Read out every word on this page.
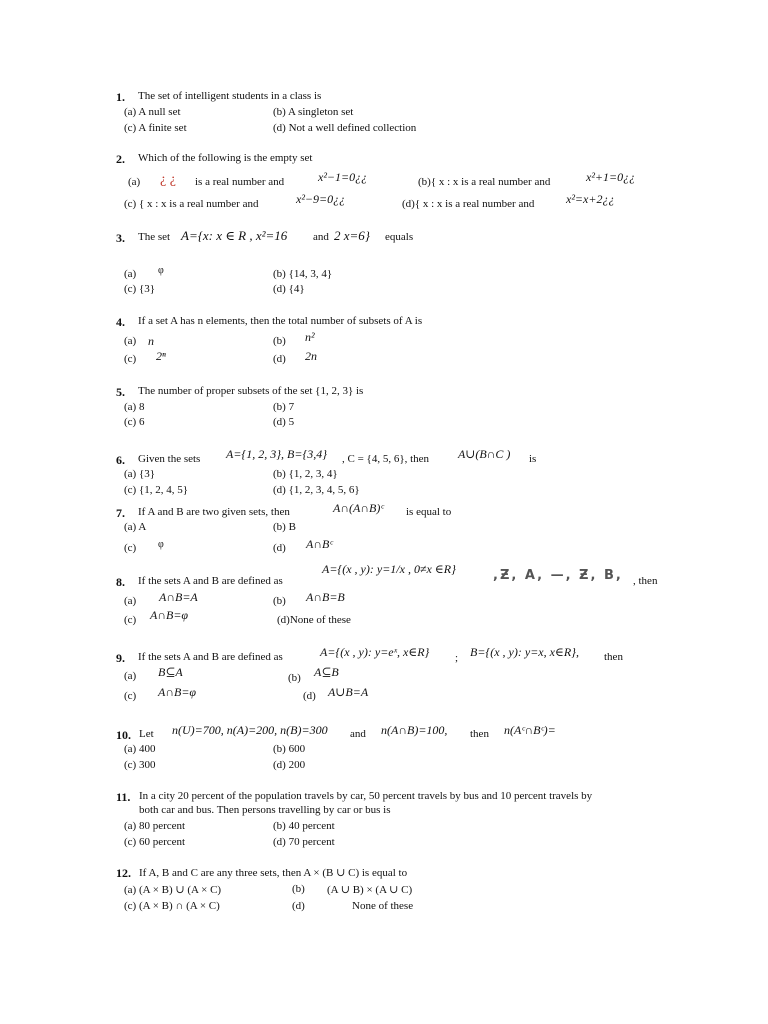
1. The set of intelligent students in a class is
(a) A null set	(b) A singleton set
(c) A finite set	(d) Not a well defined collection
2. Which of the following is the empty set
(a) ¿ ¿ is a real number and	x²−1=0¿¿	(b){ x : x is a real number and	x²+1=0¿¿
(c) { x : x is a real number and	x²−9=0¿¿	(d){ x : x is a real number and	x²=x+2¿¿
3. The set A={x: x ∈ R , x²=16 and 2 x=6} equals
(a) φ	(b) {14, 3, 4}
(c) {3}	(d) {4}
4. If a set A has n elements, then the total number of subsets of A is
(a) n	(b) n²
(c) 2ⁿ	(d) 2n
5. The number of proper subsets of the set {1, 2, 3} is
(a) 8	(b) 7
(c) 6	(d) 5
6. Given the sets A={1, 2, 3}, B={3,4} , C = {4, 5, 6}, then A∪(B∩C ) is
(a) {3}	(b) {1, 2, 3, 4}
(c) {1, 2, 4, 5}	(d) {1, 2, 3, 4, 5, 6}
7. If A and B are two given sets, then	A∩(A∩B)ᶜ is equal to
(a) A	(b) B
(c) φ	(d) A∩Bᶜ
8. If the sets A and B are defined as
A={(x , y): y=1/x , 0≠x ∈R}	,Ƶ, A, —, Ƶ, B, , then
(a) A∩B=A	(b) A∩B=B
(c) A∩B=φ	(d)None of these
9. If the sets A and B are defined as	A={(x , y): y=eˣ, x∈R} ; B={(x , y): y=x, x∈R}, then
(a) B⊆A	(b) A⊆B
(c) A∩B=φ	(d) A∪B=A
10. Let n(U)=700, n(A)=200, n(B)=300 and n(A∩B)=100, then n(Aᶜ∩Bᶜ)=
(a) 400	(b) 600
(c) 300	(d) 200
11. In a city 20 percent of the population travels by car, 50 percent travels by bus and 10 percent travels by
both car and bus. Then persons travelling by car or bus is
(a) 80 percent	(b) 40 percent
(c) 60 percent	(d) 70 percent
12. If A, B and C are any three sets, then A × (B ∪ C) is equal to
(a) (A × B) ∪ (A × C)	(b) (A ∪ B) × (A ∪ C)
(c) (A × B) ∩ (A × C)	(d)	None of these
